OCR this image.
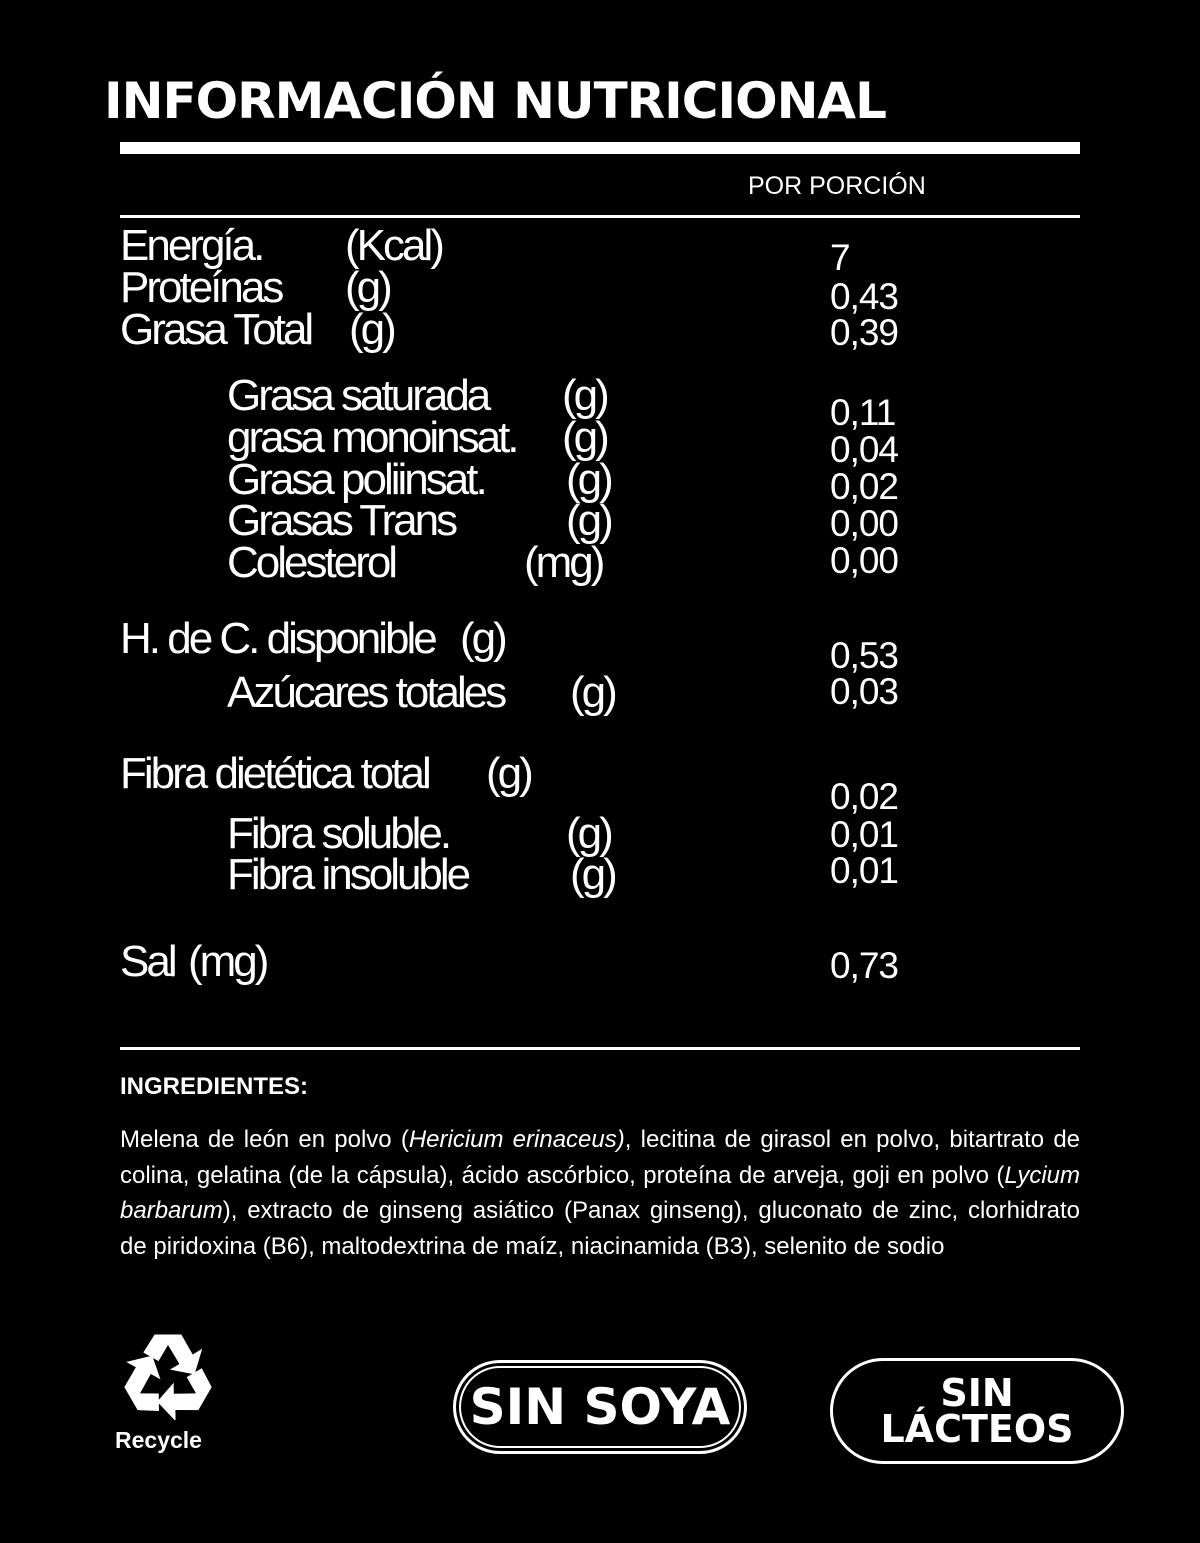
INFORMACIÓN NUTRICIONAL
POR PORCIÓN
Energía. (Kcal)	7
Proteínas (g)	0,43
Grasa Total (g)	0,39
Grasa saturada (g)	0,11
grasa monoinsat. (g)	0,04
Grasa poliinsat. (g)	0,02
Grasas Trans	(g)	0,00
Colesterol	(mg)	0,00
H. de C. disponible (g)	0,53
Azúcares totales (g)	0,03
Fibra dietética total (g)	0,02
Fibra soluble.	(g)	0,01
Fibra insoluble (g)	0,01
Sal (mg)	0,73
INGREDIENTES:
Melena de león en polvo (Hericium erinaceus), lecitina de girasol en polvo, bitartrato de colina, gelatina (de la cápsula), ácido ascórbico, proteína de arveja, goji en polvo (Lycium barbarum), extracto de ginseng asiático (Panax ginseng), gluconato de zinc, clorhidrato de piridoxina (B6), maltodextrina de maíz, niacinamida (B3), selenito de sodio
Recycle
SIN SOYA	SIN
LÁCTEOS
